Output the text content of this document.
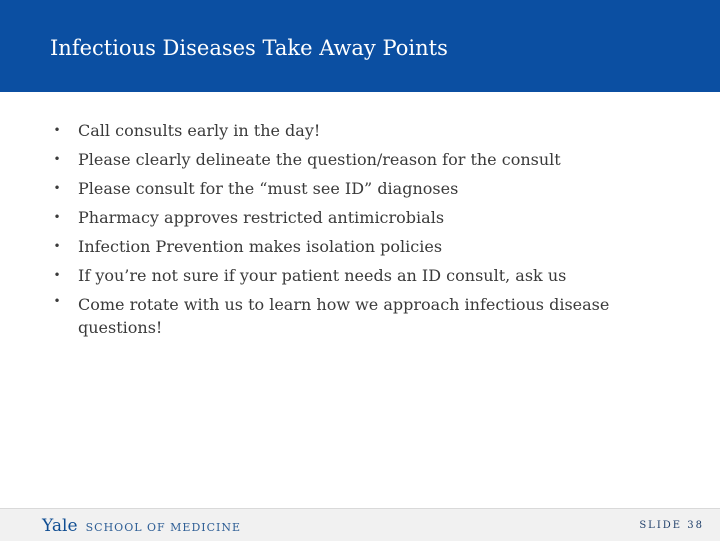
Infectious Diseases Take Away Points
• Call consults early in the day!
• Please clearly delineate the question/reason for the consult
• Please consult for the “must see ID” diagnoses
• Pharmacy approves restricted antimicrobials
• Infection Prevention makes isolation policies
• If you’re not sure if your patient needs an ID consult, ask us
• Come rotate with us to learn how we approach infectious disease questions!
Yale SCHOOL OF MEDICINE	SLIDE 38
